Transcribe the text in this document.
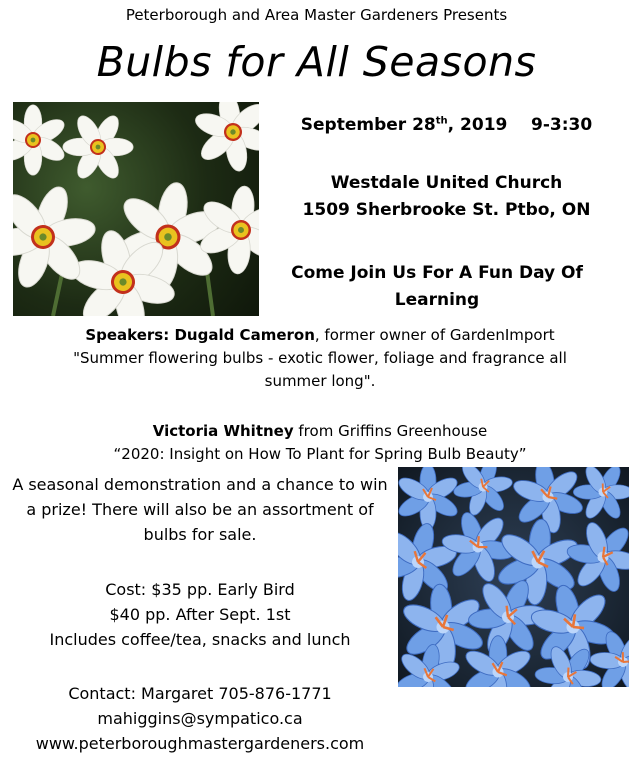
Peterborough and Area Master Gardeners Presents
Bulbs for All Seasons
September 28th, 2019 9-3:30
Westdale United Church
1509 Sherbrooke St. Ptbo, ON
Come Join Us For A Fun Day Of Learning
Speakers: Dugald Cameron, former owner of GardenImport
"Summer flowering bulbs - exotic flower, foliage and fragrance all summer long".
Victoria Whitney from Griffins Greenhouse
“2020: Insight on How To Plant for Spring Bulb Beauty”
A seasonal demonstration and a chance to win a prize! There will also be an assortment of bulbs for sale.
Cost: $35 pp. Early Bird
$40 pp. After Sept. 1st
Includes coffee/tea, snacks and lunch
Contact: Margaret 705-876-1771
mahiggins@sympatico.ca
www.peterboroughmastergardeners.com
